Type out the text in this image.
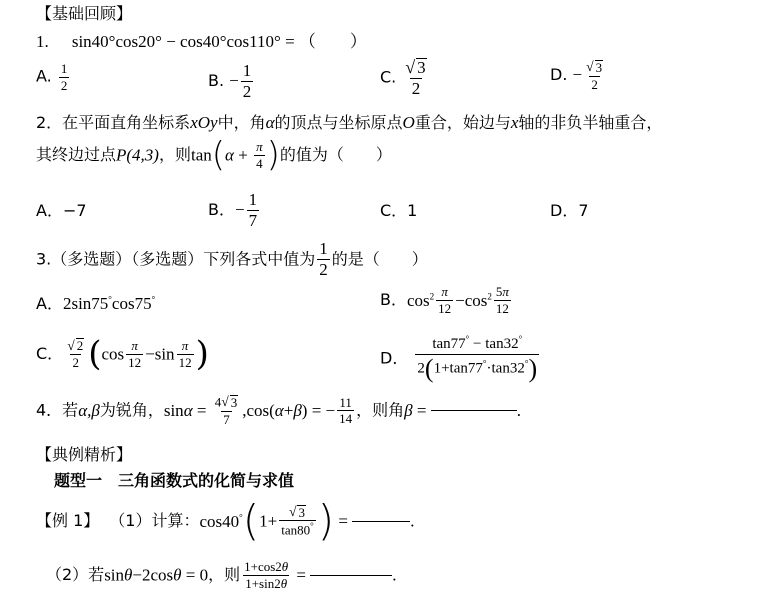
【基础回顾】
1. sin40°cos20° − cos40°cos110° = （　　）
A. $\frac{1}{2}$	B. − $\frac{1}{2}$	C. $\frac{√ 3}{2}$	D. − $\frac{√ 3}{2}$
2．在平面直角坐标系xOy中，角α的顶点与坐标原点O重合，始边与x轴的非负半轴重合，
其终边过点P(4,3)，则$\tan(\alpha + \frac{\pi}{4}$ )的值为（　　）
A．−7	B．− $\frac{1}{7}$	C．1	D．7
3.（多选题）（多选题）下列各式中值为 $\frac{1}{2}$ 的是（　　）
A．2sin75°cos75°	B．$\cos^2 \frac{\pi}{12} -\cos^2 \frac{5\pi}{12}$
C． $\frac{√ 2}{2} (\cos \frac{\pi}{12} -\sin \frac{\pi}{12}$ )	D． $\frac{\tan 77^\circ - \tan 32^\circ}{2(1+\tan 77^\circ\cdot\tan 32^\circ)}$
4．若α,β为锐角，$\sin\alpha = \frac{4 √ 3}{7} ,\cos(\alpha+\beta)$ = − $\frac{11}{14}$ ，则角β =	.
【典例精析】
题型一　三角函数式的化简与求值
【例 1】 （1）计算：$\cos 40^\circ(1+ \frac{√ 3}{\tan 80^\circ}$ ) =	.
（2）若sinθ−2cosθ = 0，则 $\frac{1+\cos 2\theta}{1+\sin 2\theta}$ =	.
